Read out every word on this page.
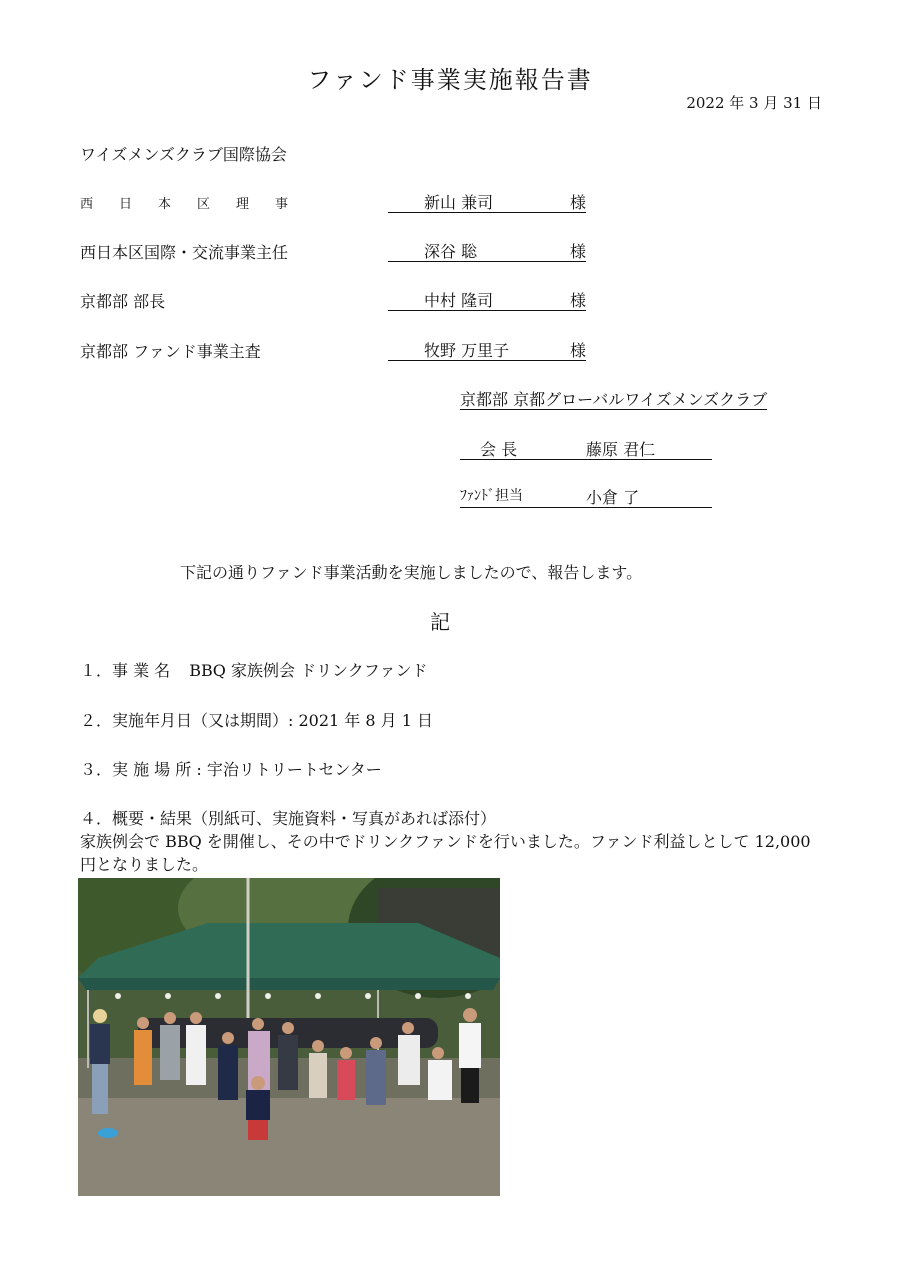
ファンド事業実施報告書
2022 年 3 月 31 日
ワイズメンズクラブ国際協会
西日本区理事	新山 兼司	様
西日本区国際・交流事業主任	深谷 聡	様
京都部 部長	中村 隆司	様
京都部 ファンド事業主査	牧野 万里子	様
京都部 京都グローバルワイズメンズクラブ
会 長	藤原 君仁
ﾌｧﾝﾄﾞ担当	小倉 了
下記の通りファンド事業活動を実施しましたので、報告します。
記
１．事 業 名 BBQ 家族例会 ドリンクファンド
２．実施年月日（又は期間）: 2021 年 8 月 1 日
３．実 施 場 所 : 宇治リトリートセンター
４．概要・結果（別紙可、実施資料・写真があれば添付）
家族例会で BBQ を開催し、その中でドリンクファンドを行いました。ファンド利益しとして 12,000 円となりました。
